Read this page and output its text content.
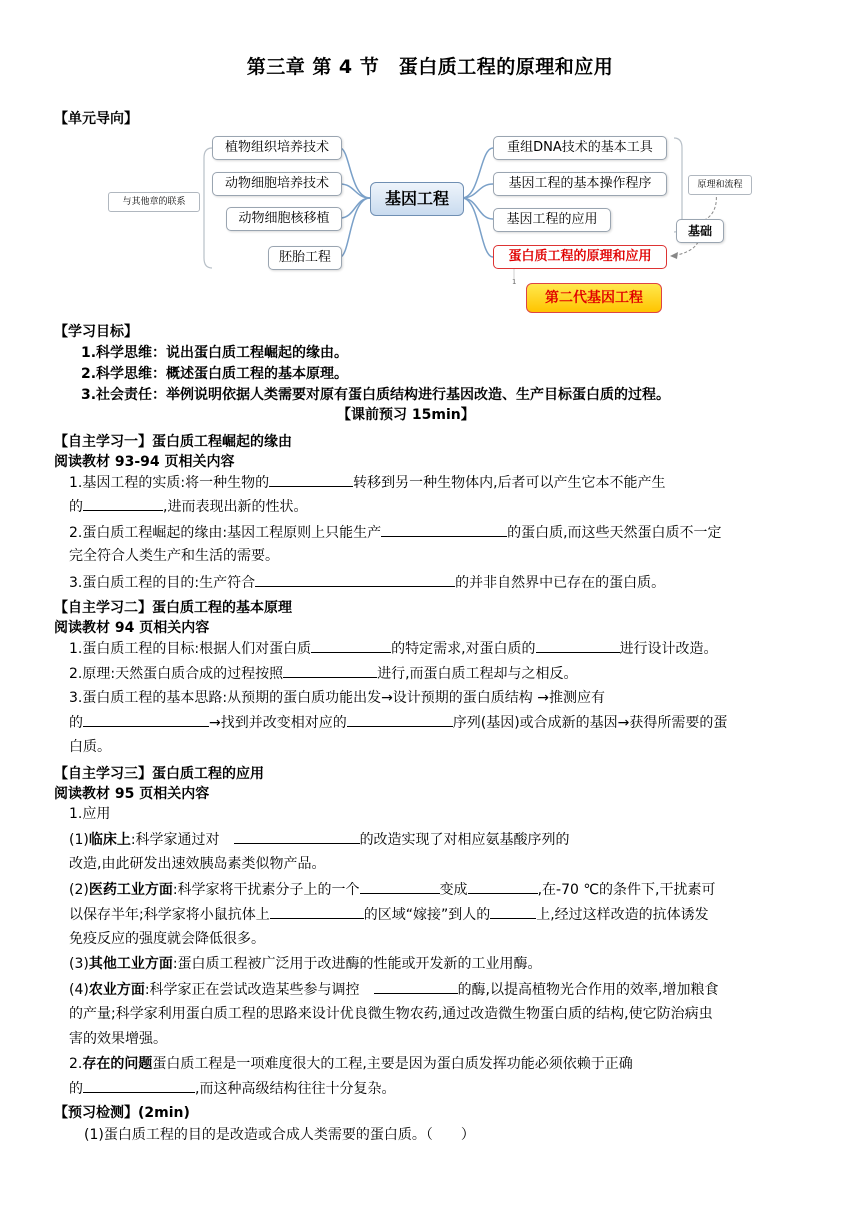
第三章 第 4 节　蛋白质工程的原理和应用
【单元导向】
与其他章的联系
植物组织培养技术
动物细胞培养技术
动物细胞核移植
胚胎工程
基因工程
重组DNA技术的基本工具
基因工程的基本操作程序
基因工程的应用
蛋白质工程的原理和应用
原理和流程
基础
1
第二代基因工程
【学习目标】
1.科学思维：说出蛋白质工程崛起的缘由。
2.科学思维：概述蛋白质工程的基本原理。
3.社会责任：举例说明依据人类需要对原有蛋白质结构进行基因改造、生产目标蛋白质的过程。
【课前预习 15min】
【自主学习一】蛋白质工程崛起的缘由
阅读教材 93-94 页相关内容
1.基因工程的实质:将一种生物的	转移到另一种生物体内,后者可以产生它本不能产生
的	,进而表现出新的性状。
2.蛋白质工程崛起的缘由:基因工程原则上只能生产	的蛋白质,而这些天然蛋白质不一定
完全符合人类生产和生活的需要。
3.蛋白质工程的目的:生产符合	的并非自然界中已存在的蛋白质。
【自主学习二】蛋白质工程的基本原理
阅读教材 94 页相关内容
1.蛋白质工程的目标:根据人们对蛋白质	的特定需求,对蛋白质的	进行设计改造。
2.原理:天然蛋白质合成的过程按照	进行,而蛋白质工程却与之相反。
3.蛋白质工程的基本思路:从预期的蛋白质功能出发→设计预期的蛋白质结构 →推测应有
的	→找到并改变相对应的	序列(基因)或合成新的基因→获得所需要的蛋
白质。
【自主学习三】蛋白质工程的应用
阅读教材 95 页相关内容
1.应用
(1)临床上:科学家通过对　	的改造实现了对相应氨基酸序列的
改造,由此研发出速效胰岛素类似物产品。
(2)医药工业方面:科学家将干扰素分子上的一个	变成	,在-70 ℃的条件下,干扰素可
以保存半年;科学家将小鼠抗体上	的区域“嫁接”到人的	上,经过这样改造的抗体诱发
免疫反应的强度就会降低很多。
(3)其他工业方面:蛋白质工程被广泛用于改进酶的性能或开发新的工业用酶。
(4)农业方面:科学家正在尝试改造某些参与调控　	的酶,以提高植物光合作用的效率,增加粮食
的产量;科学家利用蛋白质工程的思路来设计优良微生物农药,通过改造微生物蛋白质的结构,使它防治病虫
害的效果增强。
2.存在的问题蛋白质工程是一项难度很大的工程,主要是因为蛋白质发挥功能必须依赖于正确
的	,而这种高级结构往往十分复杂。
【预习检测】(2min)
(1)蛋白质工程的目的是改造或合成人类需要的蛋白质。（　　）
